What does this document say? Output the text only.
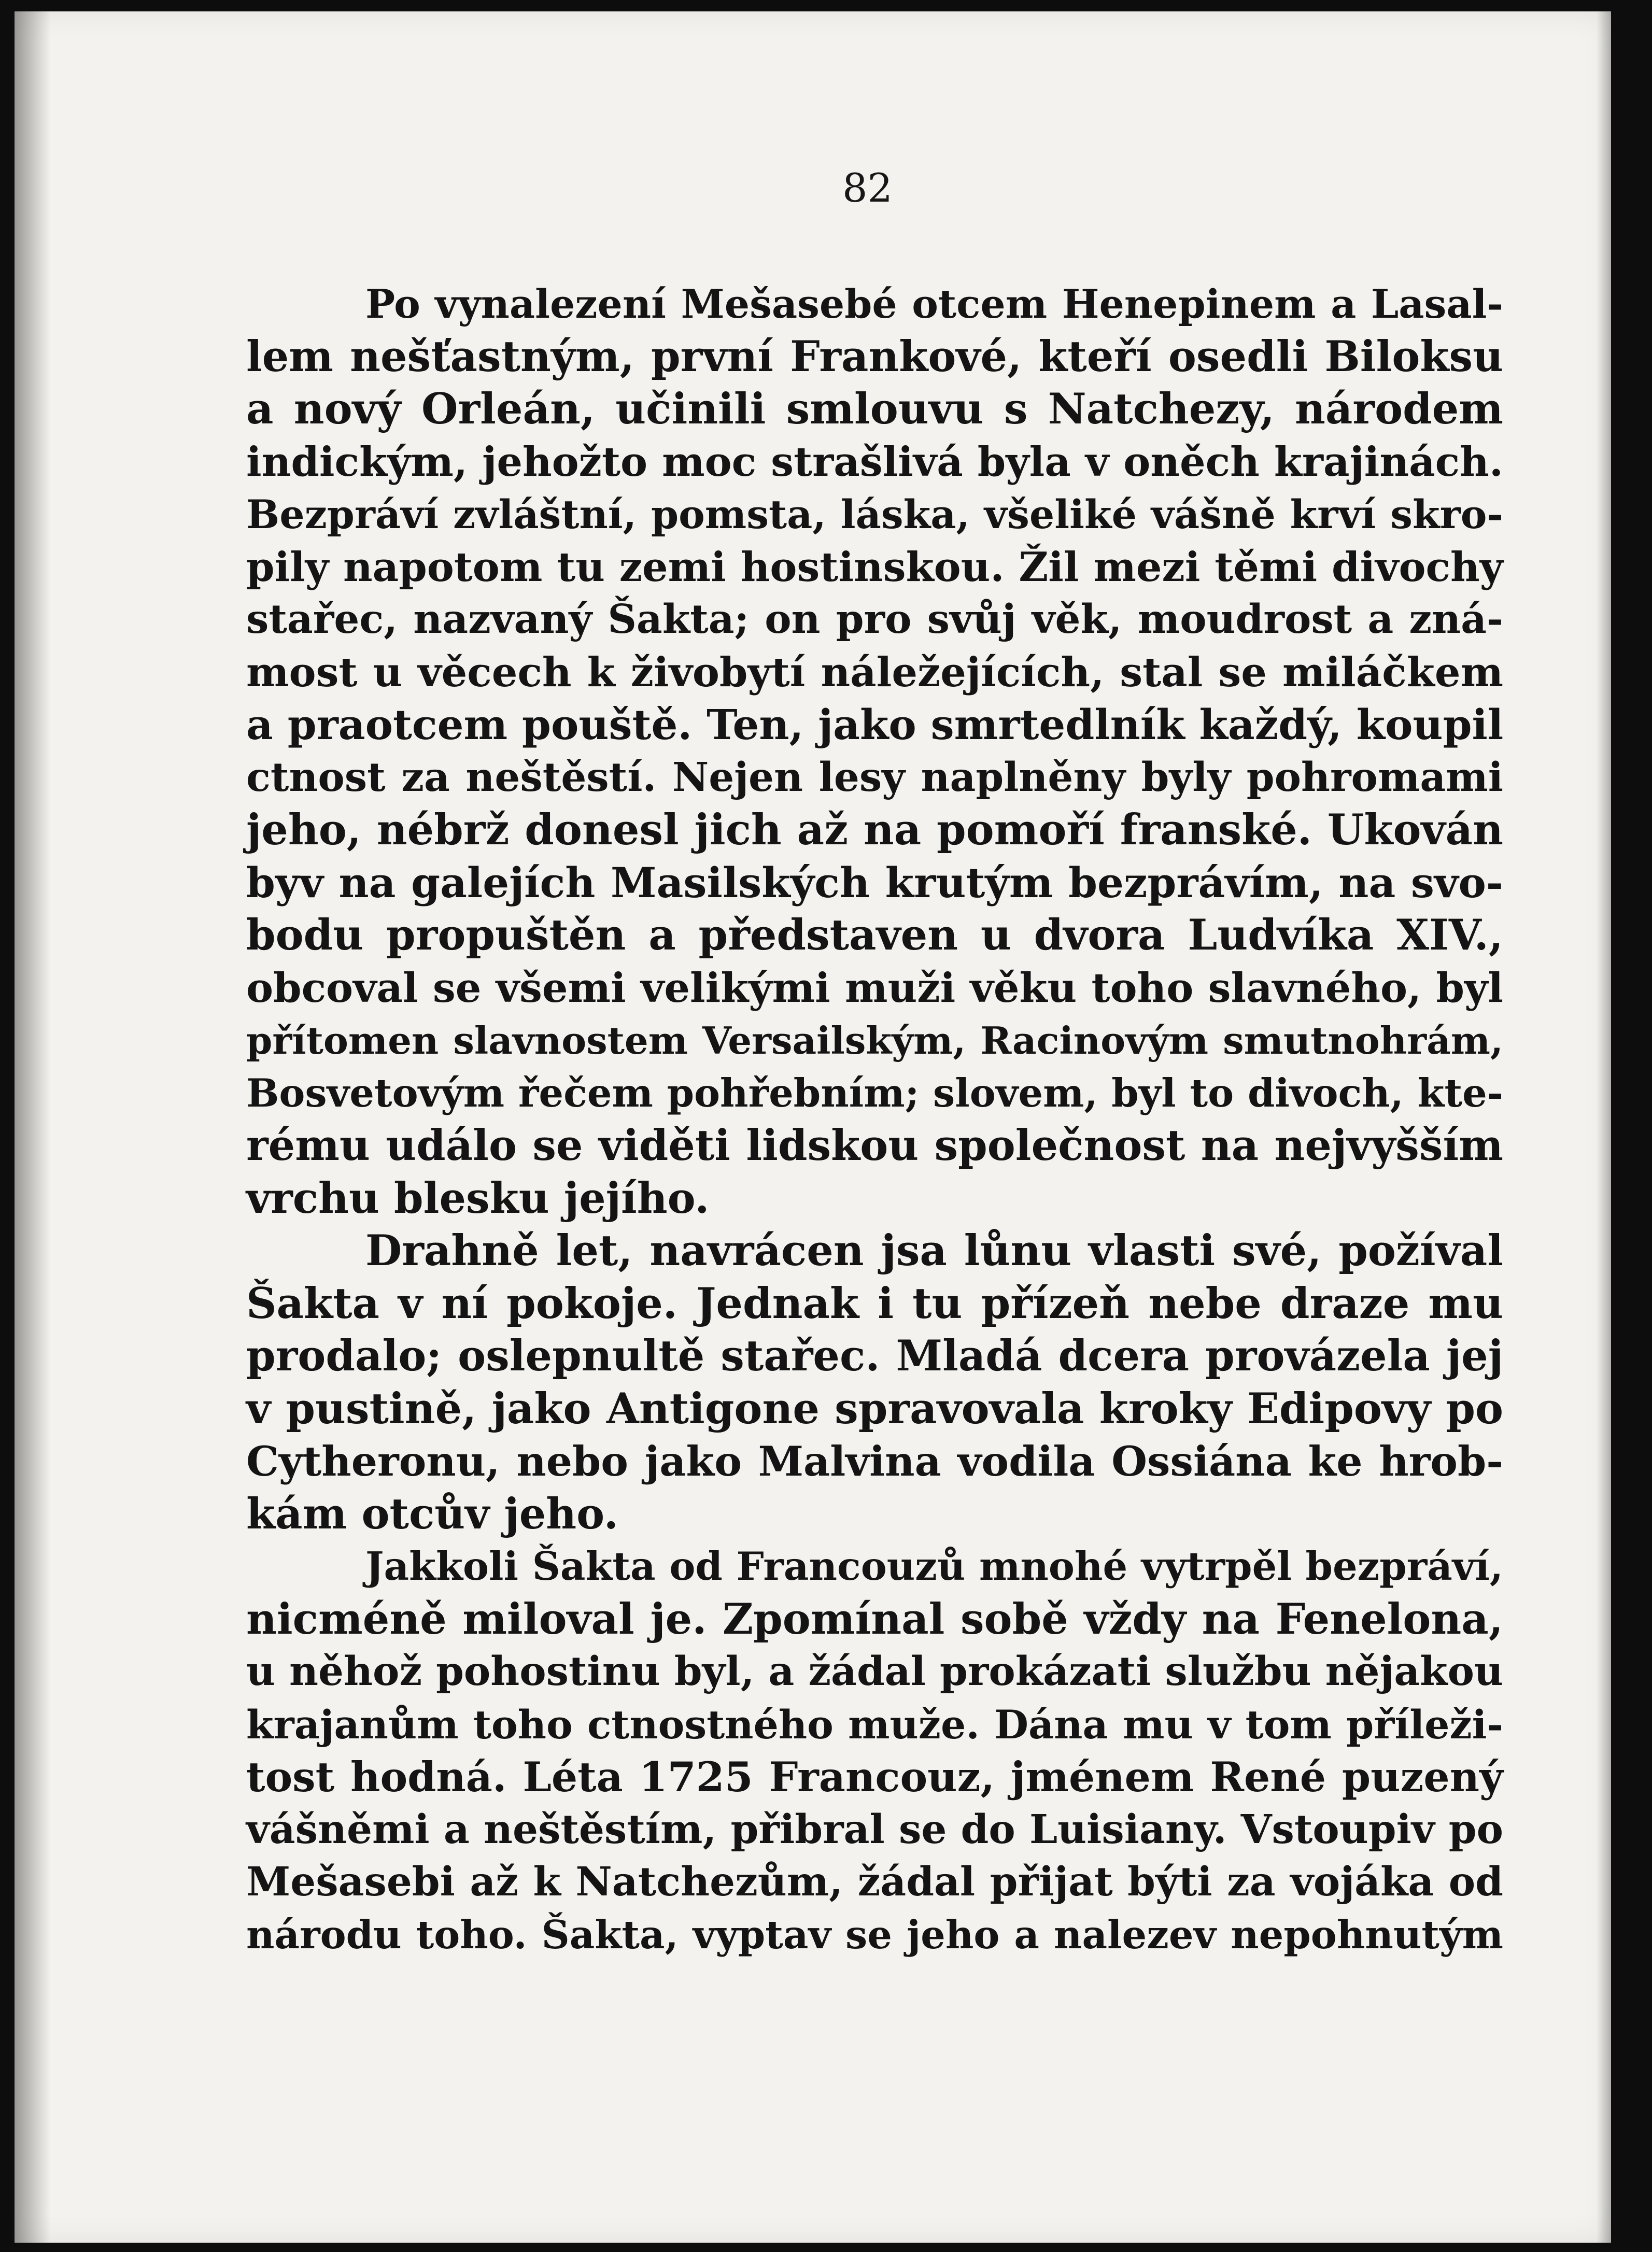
82
Po vynalezení Mešasebé otcem Henepinem a Lasal-
lem nešťastným, první Frankové, kteří osedli Biloksu
a nový Orleán, učinili smlouvu s Natchezy, národem
indickým, jehožto moc strašlivá byla v oněch krajinách.
Bezpráví zvláštní, pomsta, láska, všeliké vášně krví skro-
pily napotom tu zemi hostinskou. Žil mezi těmi divochy
stařec, nazvaný Šakta; on pro svůj věk, moudrost a zná-
most u věcech k živobytí náležejících, stal se miláčkem
a praotcem pouště. Ten, jako smrtedlník každý, koupil
ctnost za neštěstí. Nejen lesy naplněny byly pohromami
jeho, nébrž donesl jich až na pomoří franské. Ukován
byv na galejích Masilských krutým bezprávím, na svo-
bodu propuštěn a představen u dvora Ludvíka XIV.,
obcoval se všemi velikými muži věku toho slavného, byl
přítomen slavnostem Versailským, Racinovým smutnohrám,
Bosvetovým řečem pohřebním; slovem, byl to divoch, kte-
rému událo se viděti lidskou společnost na nejvyšším
vrchu blesku jejího.
Drahně let, navrácen jsa lůnu vlasti své, požíval
Šakta v ní pokoje. Jednak i tu přízeň nebe draze mu
prodalo; oslepnultě stařec. Mladá dcera provázela jej
v pustině, jako Antigone spravovala kroky Edipovy po
Cytheronu, nebo jako Malvina vodila Ossiána ke hrob-
kám otcův jeho.
Jakkoli Šakta od Francouzů mnohé vytrpěl bezpráví,
nicméně miloval je. Zpomínal sobě vždy na Fenelona,
u něhož pohostinu byl, a žádal prokázati službu nějakou
krajanům toho ctnostného muže. Dána mu v tom příleži-
tost hodná. Léta 1725 Francouz, jménem René puzený
vášněmi a neštěstím, přibral se do Luisiany. Vstoupiv po
Mešasebi až k Natchezům, žádal přijat býti za vojáka od
národu toho. Šakta, vyptav se jeho a nalezev nepohnutým
